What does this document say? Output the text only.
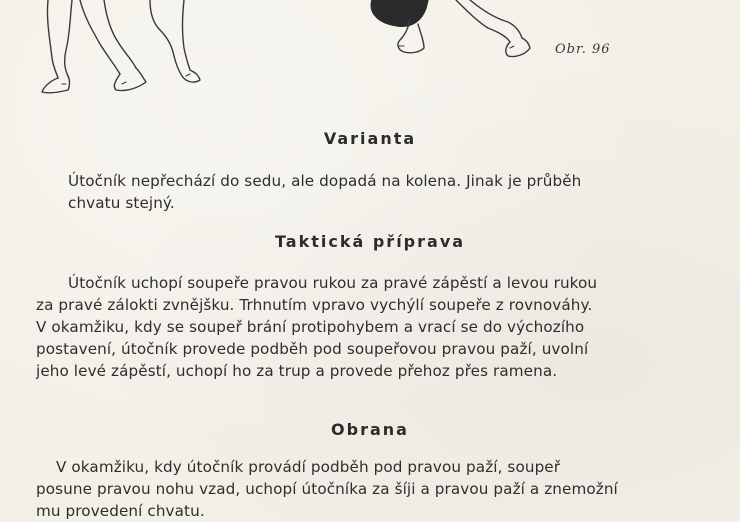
Obr. 96
Varianta
Útočník nepřechází do sedu, ale dopadá na kolena. Jinak je průběh
chvatu stejný.
Taktická příprava
Útočník uchopí soupeře pravou rukou za pravé zápěstí a levou rukou
za pravé zálokti zvnějšku. Trhnutím vpravo vychýlí soupeře z rovnováhy.
V okamžiku, kdy se soupeř brání protipohybem a vrací se do výchozího
postavení, útočník provede podběh pod soupeřovou pravou paží, uvolní
jeho levé zápěstí, uchopí ho za trup a provede přehoz přes ramena.
Obrana
V okamžiku, kdy útočník provádí podběh pod pravou paží, soupeř
posune pravou nohu vzad, uchopí útočníka za šíji a pravou paží a znemožní
mu provedení chvatu.
